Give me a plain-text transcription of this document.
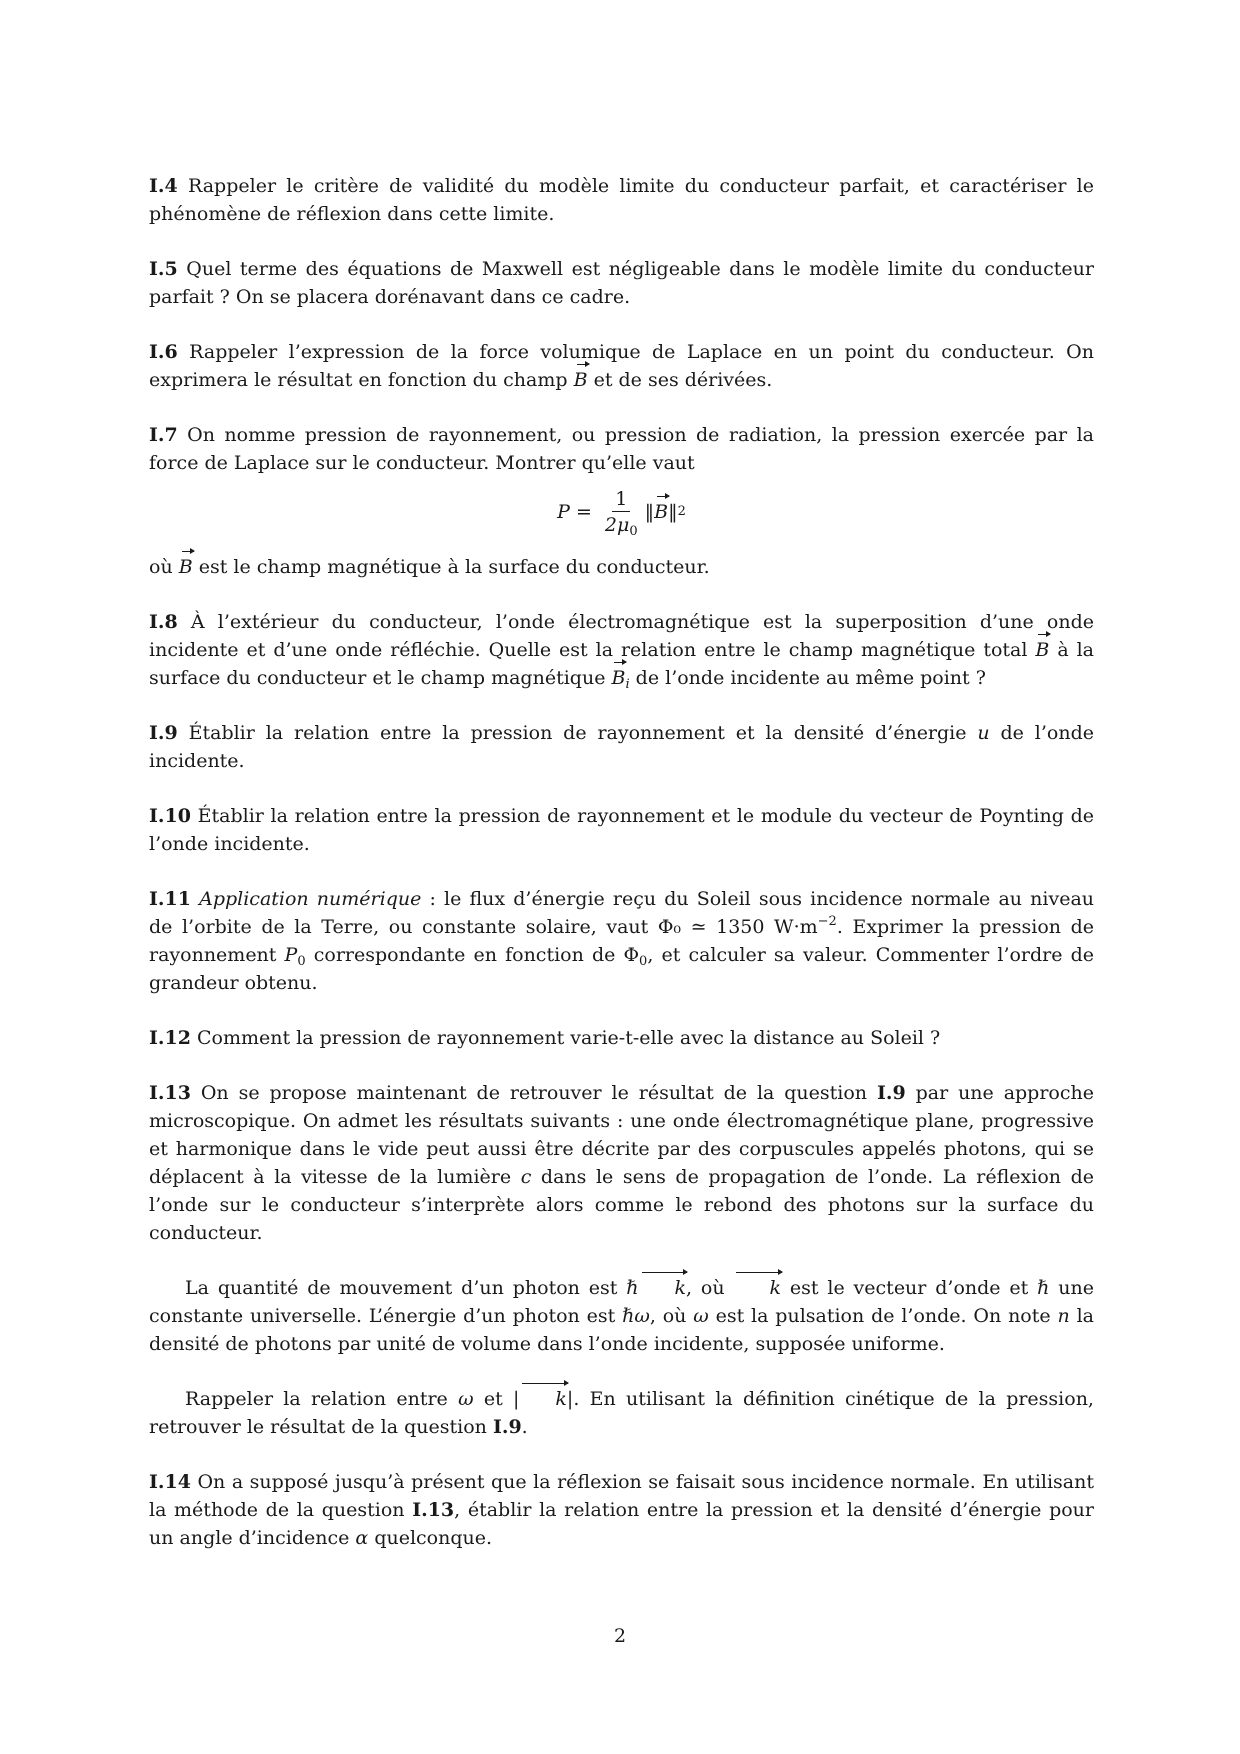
I.4 Rappeler le critère de validité du modèle limite du conducteur parfait, et caractériser le phénomène de réflexion dans cette limite.
I.5 Quel terme des équations de Maxwell est négligeable dans le modèle limite du conducteur parfait ? On se placera dorénavant dans ce cadre.
I.6 Rappeler l’expression de la force volumique de Laplace en un point du conducteur. On exprimera le résultat en fonction du champ B et de ses dérivées.
I.7 On nomme pression de rayonnement, ou pression de radiation, la pression exercée par la force de Laplace sur le conducteur. Montrer qu’elle vaut
$P = \frac{1}{2\mu_0}$ ‖ B ‖ 2
où B est le champ magnétique à la surface du conducteur.
I.8 À l’extérieur du conducteur, l’onde électromagnétique est la superposition d’une onde incidente et d’une onde réfléchie. Quelle est la relation entre le champ magnétique total B à la surface du conducteur et le champ magnétique $B_i$ de l’onde incidente au même point ?
I.9 Établir la relation entre la pression de rayonnement et la densité d’énergie u de l’onde incidente.
I.10 Établir la relation entre la pression de rayonnement et le module du vecteur de Poynting de l’onde incidente.
I.11 Application numérique : le flux d’énergie reçu du Soleil sous incidence normale au niveau de l’orbite de la Terre, ou constante solaire, vaut Φ₀ ≃ 1350 $W\cdot m^{-2}$. Exprimer la pression de rayonnement $P_0$ correspondante en fonction de $\Phi_0$, et calculer sa valeur. Commenter l’ordre de grandeur obtenu.
I.12 Comment la pression de rayonnement varie-t-elle avec la distance au Soleil ?

I.13 On se propose maintenant de retrouver le résultat de la question I.9 par une approche microscopique. On admet les résultats suivants : une onde électromagnétique plane, progressive et harmonique dans le vide peut aussi être décrite par des corpuscules appelés photons, qui se déplacent à la vitesse de la lumière c dans le sens de propagation de l’onde. La réflexion de l’onde sur le conducteur s’interprète alors comme le rebond des photons sur la surface du conducteur.

La quantité de mouvement d’un photon est ℏ k, où k est le vecteur d’onde et ℏ une constante universelle. L’énergie d’un photon est ℏω, où ω est la pulsation de l’onde. On note n la densité de photons par unité de volume dans l’onde incidente, supposée uniforme.

Rappeler la relation entre ω et | k|. En utilisant la définition cinétique de la pression, retrouver le résultat de la question I.9.

I.14 On a supposé jusqu’à présent que la réflexion se faisait sous incidence normale. En utilisant la méthode de la question I.13, établir la relation entre la pression et la densité d’énergie pour un angle d’incidence α quelconque.
2
